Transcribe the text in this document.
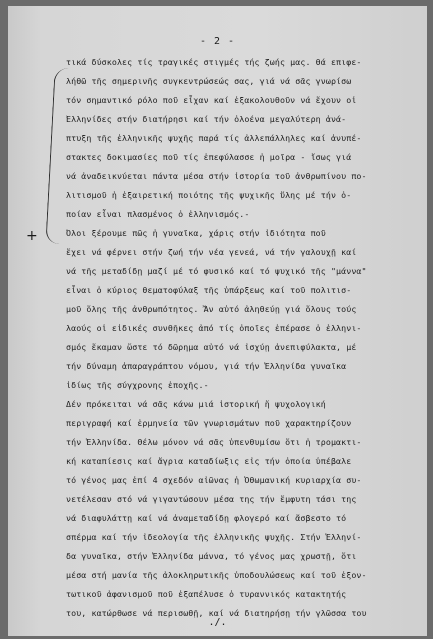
- 2 -
+
τικά δύσκολες τίς τραγικές στιγμές τής ζωής μας. θά επιφε-
λήθῶ τῆς σημερινῆς συγκεντρώσεώς σας, γιά νά σᾶς γνωρίσω
τόν σημαντικό ρόλο ποῦ εἶχαν καί ἐξακολουθοῦν νά ἔχουν οἱ
Ἑλληνίδες στήν διατήρησι καί τήν ὁλοένα μεγαλύτερη ἀνά-
πτυξη τῆς ἑλληνικῆς ψυχῆς παρά τίς ἀλλεπάλληλες καί ἀνυπέ-
στακτες δοκιμασίες ποῦ τίς ἐπεφύλασσε ἡ μοῖρα - ἴσως γιά
νά ἀναδεικνύεται πάντα μέσα στήν ἱστορία τοῦ ἀνθρωπίνου πο-
λιτισμοῦ ἡ ἐξαιρετική ποιότης τῆς ψυχικῆς ὕλης μέ τήν ὁ-
ποίαν εἶναι πλασμένος ὁ ἑλληνισμός.-
Ὅλοι ξέρουμε πῶς ἡ γυναῖκα, χάρις στήν ἰδιότητα ποῦ
ἔχει νά φέρνει στήν ζωή τήν νέα γενεά, νά τήν γαλουχῇ καί
νά τῆς μεταδίδῃ μαζί μέ τό φυσικό καί τό ψυχικό τῆς "μάννα"
εἶναι ὁ κύριος θεματοφύλαξ τῆς ὑπάρξεως καί τοῦ πολιτισ-
μοῦ ὅλης τῆς ἀνθρωπότητος. Ἄν αὐτό ἀληθεύῃ γιά ὅλους τούς
λαούς οἱ εἰδικές συνθῆκες ἀπό τίς ὁποῖες ἐπέρασε ὁ ἑλληνι-
σμός ἔκαμαν ὥστε τό δῶρημα αὐτό νά ἰσχύῃ ἀνεπιφύλακτα, μέ
τήν δύναμη ἀπαραγράπτου νόμου, γιά τήν Ἑλληνίδα γυναῖκα
ἰδίως τῆς σύγχρονης ἐποχῆς.-
Δέν πρόκειται νά σᾶς κάνω μιά ἱστορική ἤ ψυχολογική
περιγραφή καί ἑρμηνεία τῶν γνωρισμάτων ποῦ χαρακτηρίζουν
τήν Ἑλληνίδα. Θέλω μόνον νά σᾶς ὑπενθυμίσω ὅτι ἡ τρομακτι-
κή καταπίεσις καί ἄγρια καταδίωξις εἰς τήν ὁποία ὑπέβαλε
τό γένος μας ἐπί 4 σχεδόν αἰῶνας ἡ Ὀθωμανική κυριαρχία συ-
νετέλεσαν στό νά γιγαντώσουν μέσα της τήν ἔμφυτη τάσι της
νά διαφυλάττῃ καί νά ἀναμεταδίδῃ φλογερό καί ἄσβεστο τό
σπέρμα καί τήν ἰδεολογία τῆς ἑλληνικῆς ψυχῆς. Στήν Ἑλληνί-
δα γυναῖκα, στήν Ἑλληνίδα μάννα, τό γένος μας χρωστῇ, ὅτι
μέσα στή μανία τῆς ἀλοκληρωτικῆς ὑποδουλώσεως καί τοῦ ἐξον-
τωτικοῦ ἀφανισμοῦ ποῦ ἐξαπέλυσε ὁ τυραννικός κατακτητής
του, κατώρθωσε νά περισωθῇ, καί νά διατηρήσῃ τήν γλῶσσα του
./.
